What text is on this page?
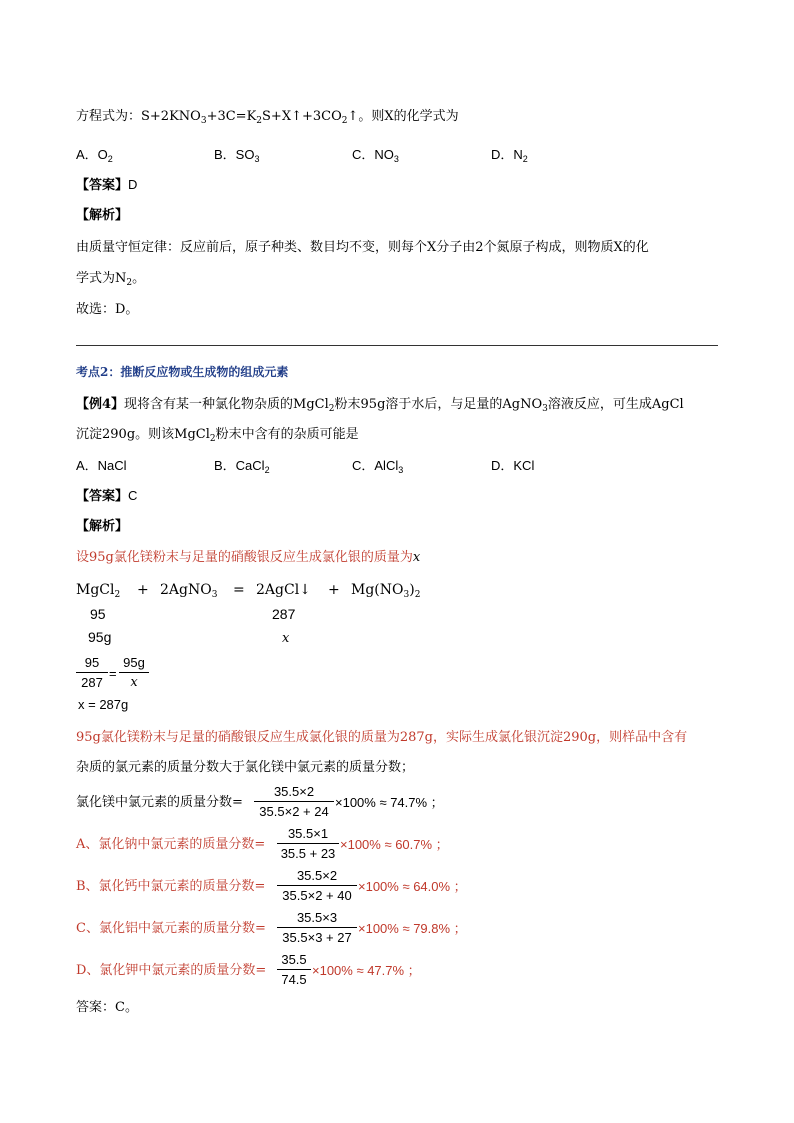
方程式为：$S+2KNO_3+3C=K_2S+X↑+3CO_2↑$。则X的化学式为
A．$O_2$	B．$SO_3$	C．$NO_3$	D．$N_2$
【答案】D
【解析】
由质量守恒定律：反应前后，原子种类、数目均不变，则每个X分子由2个氮原子构成，则物质X的化
学式为$N_2$。
故选：D。
考点2：推断反应物或生成物的组成元素
【例4】现将含有某一种氯化物杂质的MgCl$_2$粉末95g溶于水后，与足量的AgNO$_3$溶液反应，可生成AgCl
沉淀290g。则该MgCl$_2$粉末中含有的杂质可能是
A．NaCl	B．CaCl$_2$	C．AlCl$_3$	D．KCl
【答案】C
【解析】
设95g氯化镁粉末与足量的硝酸银反应生成氯化银的质量为x
MgCl$_2$ + 2AgNO$_3$ = 2AgCl↓ + $Mg(NO_3)_2$
95	287
95g	x
$\frac{95}{287} = \frac{95g}{x}$
x = 287g
95g氯化镁粉末与足量的硝酸银反应生成氯化银的质量为287g，实际生成氯化银沉淀290g，则样品中含有
杂质的氯元素的质量分数大于氯化镁中氯元素的质量分数；
氯化镁中氯元素的质量分数= $\frac{35.5\times 2}{35.5\times 2 + 24} \times 100\% \approx 74.7\%$ ；
A、氯化钠中氯元素的质量分数= $\frac{35.5\times 1}{35.5 + 23} \times 100\% \approx 60.7\%$ ；
B、氯化钙中氯元素的质量分数= $\frac{35.5\times 2}{35.5\times 2 + 40} \times 100\% \approx 64.0\%$ ；
C、氯化铝中氯元素的质量分数= $\frac{35.5\times 3}{35.5\times 3 + 27} \times 100\% \approx 79.8\%$ ；
D、氯化钾中氯元素的质量分数= $\frac{35.5}{74.5} \times 100\% \approx 47.7\%$ ；
答案：C。
